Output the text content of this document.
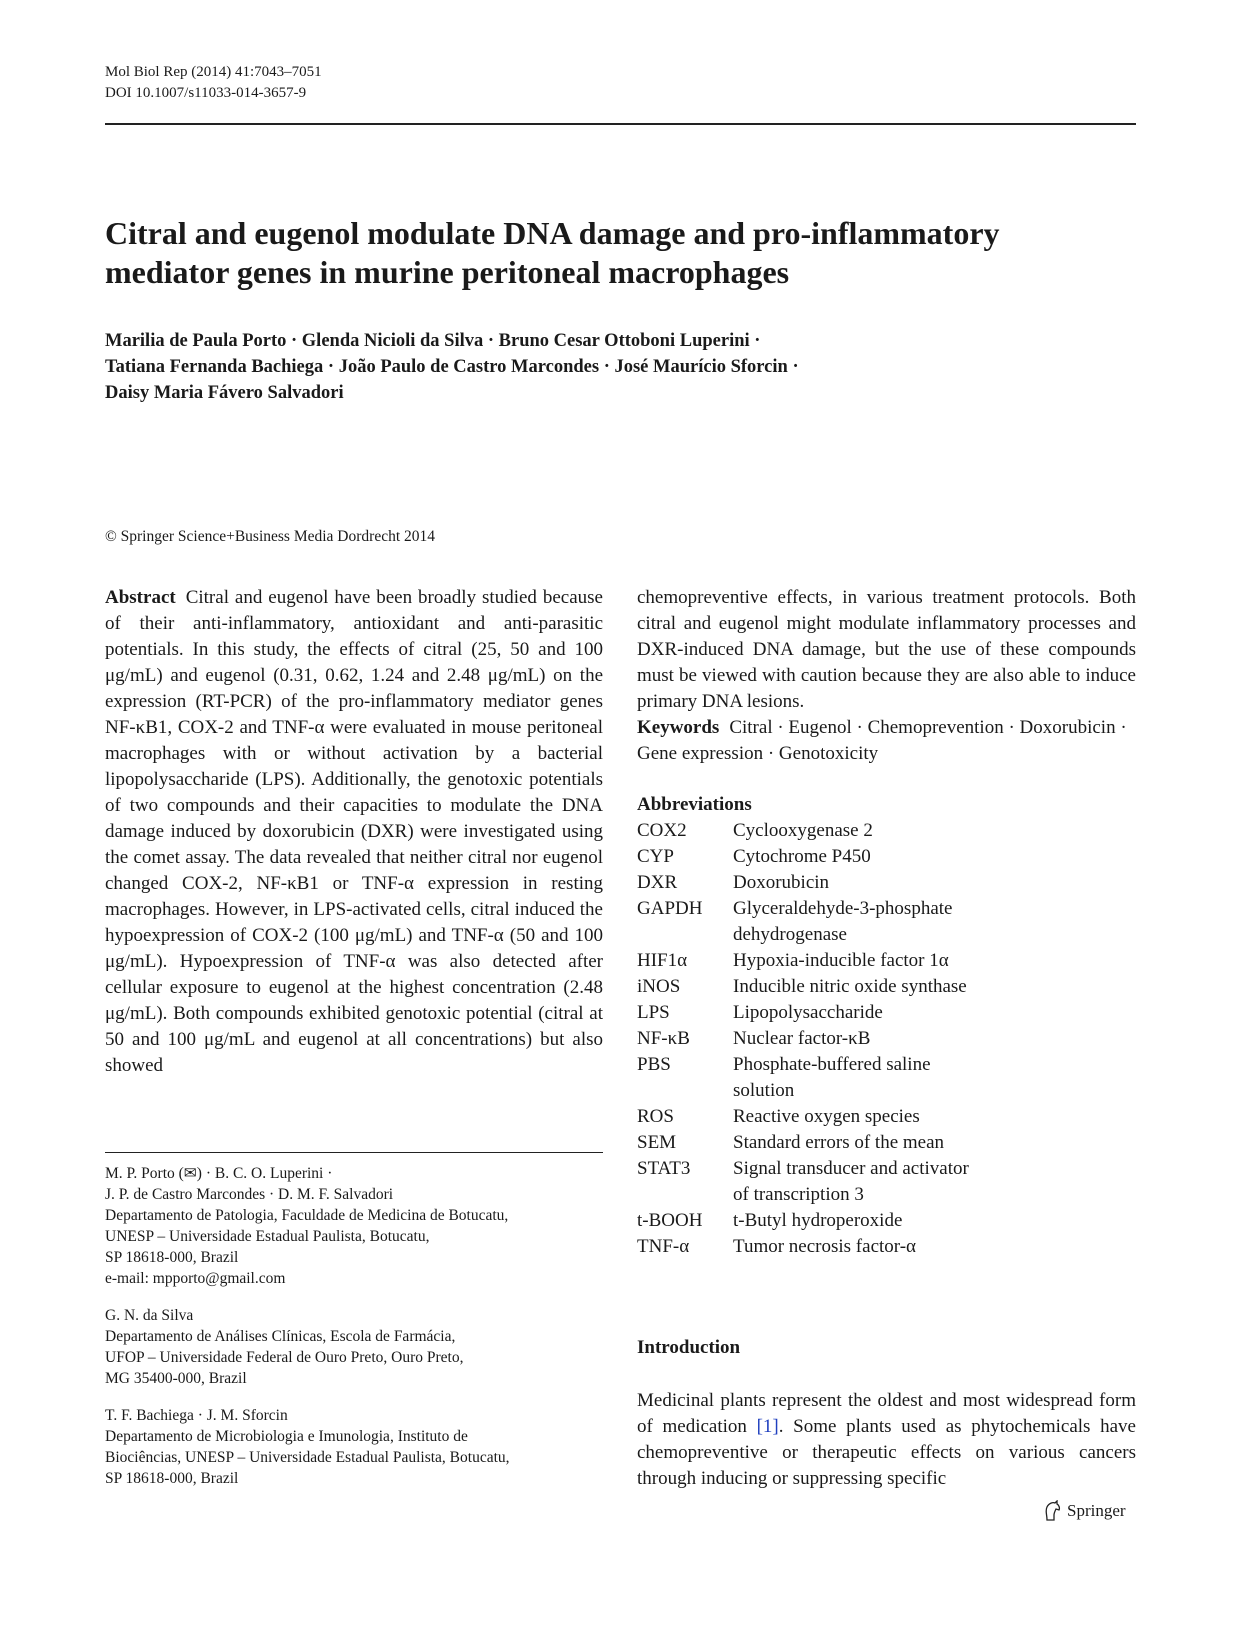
Mol Biol Rep (2014) 41:7043–7051
DOI 10.1007/s11033-014-3657-9
Citral and eugenol modulate DNA damage and pro-inflammatory mediator genes in murine peritoneal macrophages
Marilia de Paula Porto · Glenda Nicioli da Silva · Bruno Cesar Ottoboni Luperini ·
Tatiana Fernanda Bachiega · João Paulo de Castro Marcondes · José Maurício Sforcin ·
Daisy Maria Fávero Salvadori
© Springer Science+Business Media Dordrecht 2014

Abstract Citral and eugenol have been broadly studied because of their anti-inflammatory, antioxidant and anti-parasitic potentials. In this study, the effects of citral (25, 50 and 100 μg/mL) and eugenol (0.31, 0.62, 1.24 and 2.48 μg/mL) on the expression (RT-PCR) of the pro-inflammatory mediator genes NF-κB1, COX-2 and TNF-α were evaluated in mouse peritoneal macrophages with or without activation by a bacterial lipopolysaccharide (LPS). Additionally, the genotoxic potentials of two compounds and their capacities to modulate the DNA damage induced by doxorubicin (DXR) were investigated using the comet assay. The data revealed that neither citral nor eugenol changed COX-2, NF-κB1 or TNF-α expression in resting macrophages. However, in LPS-activated cells, citral induced the hypoexpression of COX-2 (100 μg/mL) and TNF-α (50 and 100 μg/mL). Hypoexpression of TNF-α was also detected after cellular exposure to eugenol at the highest concentration (2.48 μg/mL). Both compounds exhibited genotoxic potential (citral at 50 and 100 μg/mL and eugenol at all concentrations) but also showed

chemopreventive effects, in various treatment protocols. Both citral and eugenol might modulate inflammatory processes and DXR-induced DNA damage, but the use of these compounds must be viewed with caution because they are also able to induce primary DNA lesions.

Keywords Citral · Eugenol · Chemoprevention · Doxorubicin · Gene expression · Genotoxicity

Abbreviations
COX2	Cyclooxygenase 2
CYP	Cytochrome P450
DXR	Doxorubicin
GAPDH	Glyceraldehyde-3-phosphate dehydrogenase
HIF1α	Hypoxia-inducible factor 1α
iNOS	Inducible nitric oxide synthase
LPS	Lipopolysaccharide
NF-κB	Nuclear factor-κB
PBS	Phosphate-buffered saline solution
ROS	Reactive oxygen species
SEM	Standard errors of the mean
STAT3	Signal transducer and activator of transcription 3
t-BOOH	t-Butyl hydroperoxide
TNF-α	Tumor necrosis factor-α
M. P. Porto (✉) · B. C. O. Luperini ·
J. P. de Castro Marcondes · D. M. F. Salvadori
Departamento de Patologia, Faculdade de Medicina de Botucatu,
UNESP – Universidade Estadual Paulista, Botucatu,
SP 18618-000, Brazil
e-mail: mpporto@gmail.com
G. N. da Silva
Departamento de Análises Clínicas, Escola de Farmácia,
UFOP – Universidade Federal de Ouro Preto, Ouro Preto,
MG 35400-000, Brazil
T. F. Bachiega · J. M. Sforcin
Departamento de Microbiologia e Imunologia, Instituto de
Biociências, UNESP – Universidade Estadual Paulista, Botucatu,
SP 18618-000, Brazil
Introduction
Medicinal plants represent the oldest and most widespread form of medication [1]. Some plants used as phytochemicals have chemopreventive or therapeutic effects on various cancers through inducing or suppressing specific
Springer
